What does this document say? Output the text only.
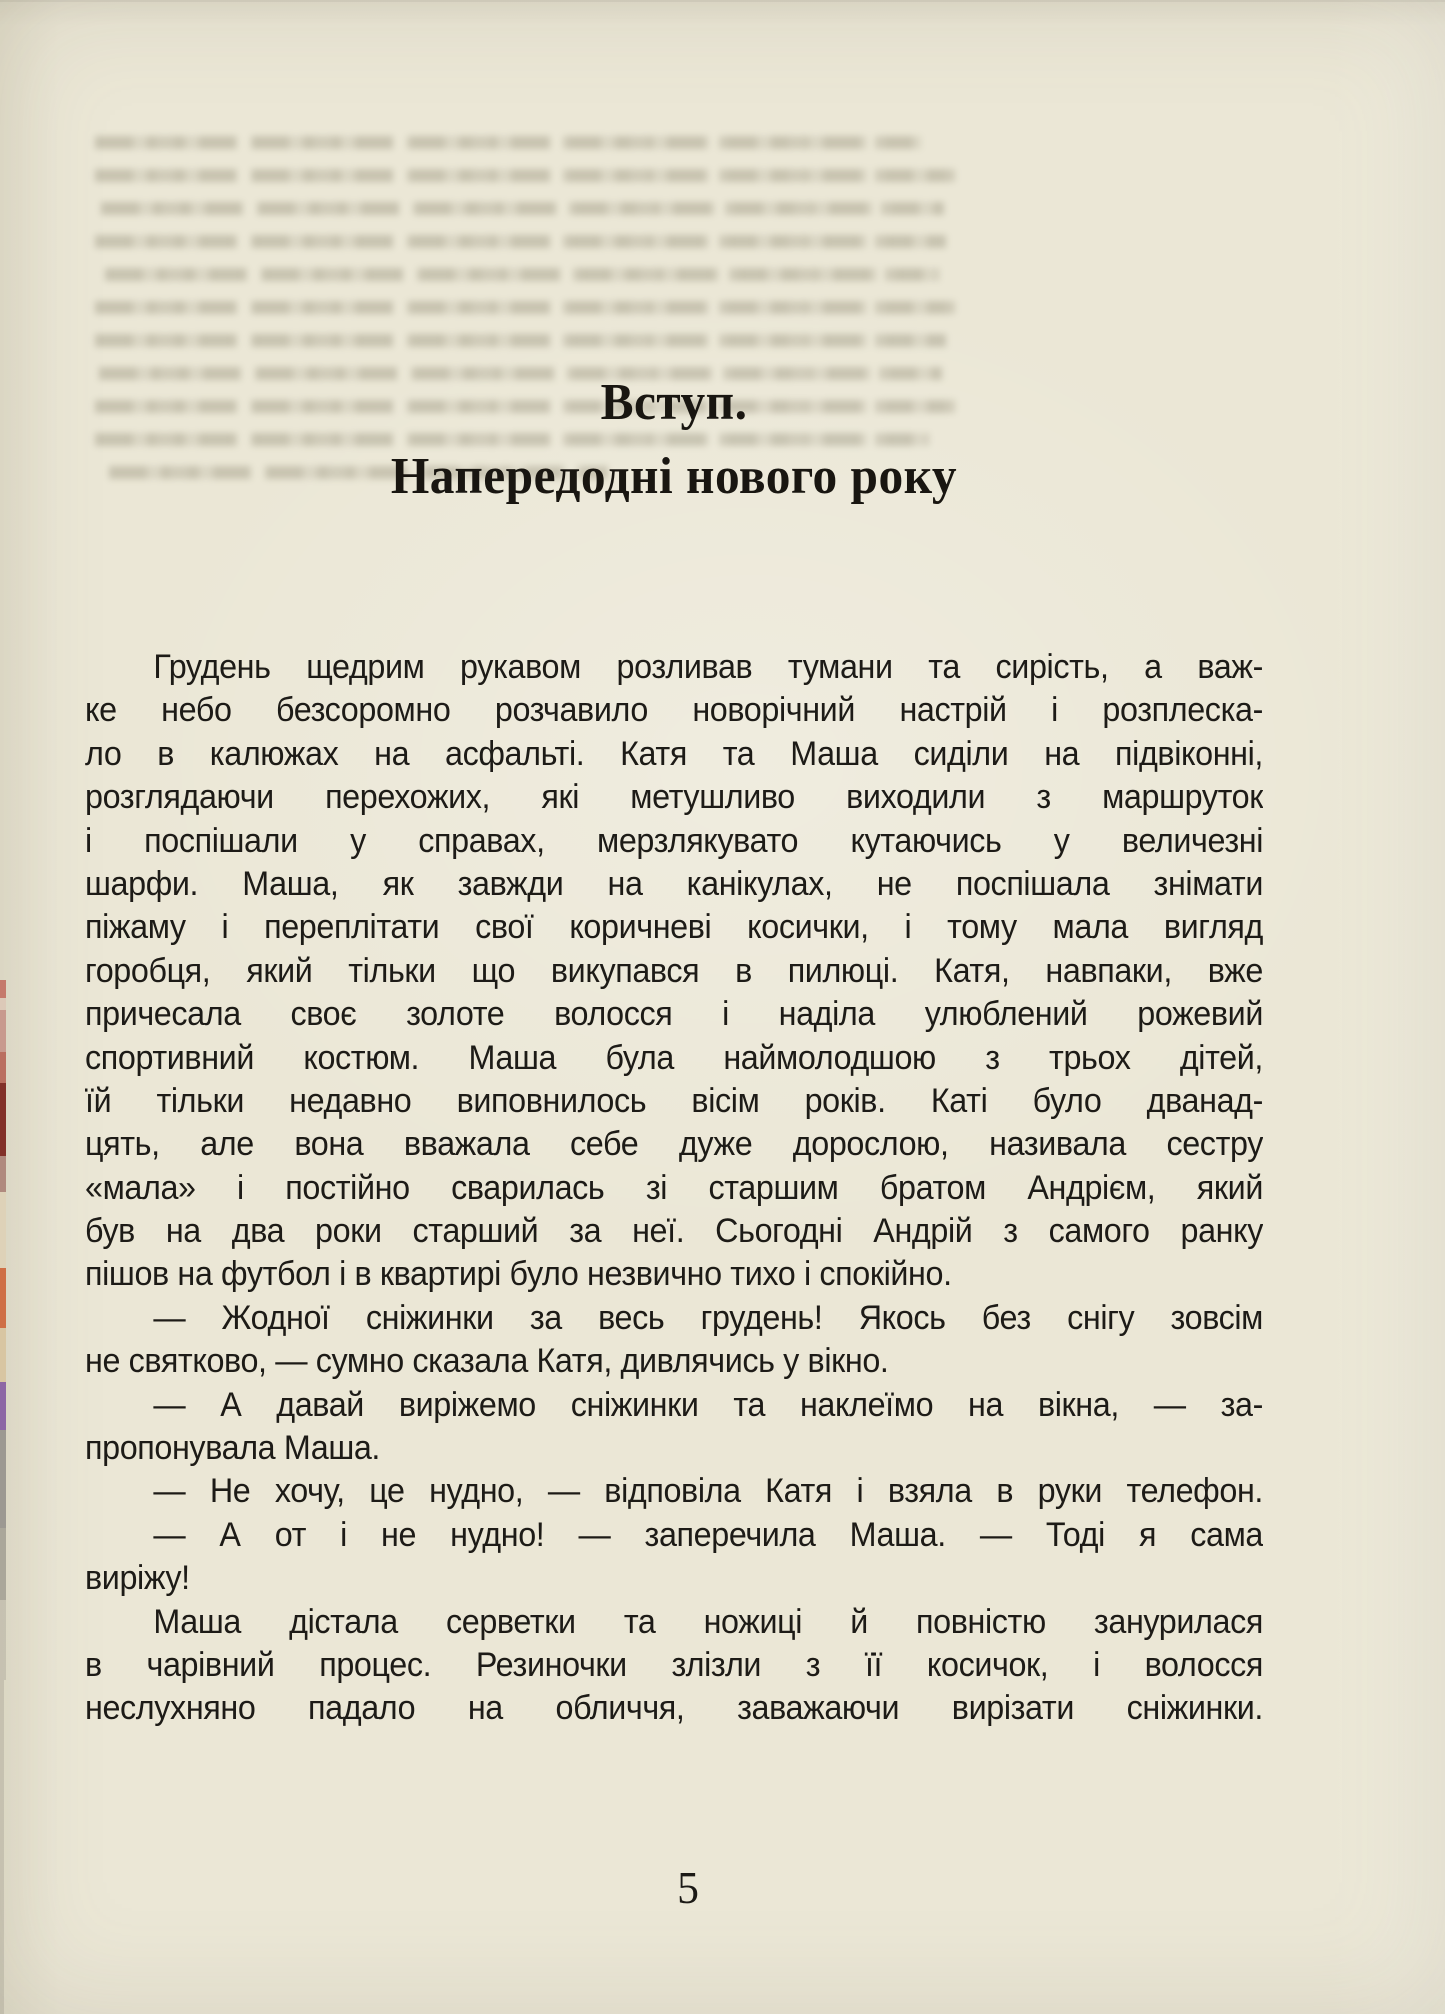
Вступ.
Напередодні нового року
Грудень щедрим рукавом розливав тумани та сирість, а важ-
ке небо безсоромно розчавило новорічний настрій і розплеска-
ло в калюжах на асфальті. Катя та Маша сиділи на підвіконні,
розглядаючи перехожих, які метушливо виходили з маршруток
і поспішали у справах, мерзлякувато кутаючись у величезні
шарфи. Маша, як завжди на канікулах, не поспішала знімати
піжаму і переплітати свої коричневі косички, і тому мала вигляд
горобця, який тільки що викупався в пилюці. Катя, навпаки, вже
причесала своє золоте волосся і наділа улюблений рожевий
спортивний костюм. Маша була наймолодшою з трьох дітей,
їй тільки недавно виповнилось вісім років. Каті було дванад-
цять, але вона вважала себе дуже дорослою, називала сестру
«мала» і постійно сварилась зі старшим братом Андрієм, який
був на два роки старший за неї. Сьогодні Андрій з самого ранку
пішов на футбол і в квартирі було незвично тихо і спокійно.
— Жодної сніжинки за весь грудень! Якось без снігу зовсім
не святково, — сумно сказала Катя, дивлячись у вікно.
— А давай виріжемо сніжинки та наклеїмо на вікна, — за-
пропонувала Маша.
— Не хочу, це нудно, — відповіла Катя і взяла в руки телефон.
— А от і не нудно! — заперечила Маша. — Тоді я сама
виріжу!
Маша дістала серветки та ножиці й повністю занурилася
в чарівний процес. Резиночки злізли з її косичок, і волосся
неслухняно падало на обличчя, заважаючи вирізати сніжинки.
5
